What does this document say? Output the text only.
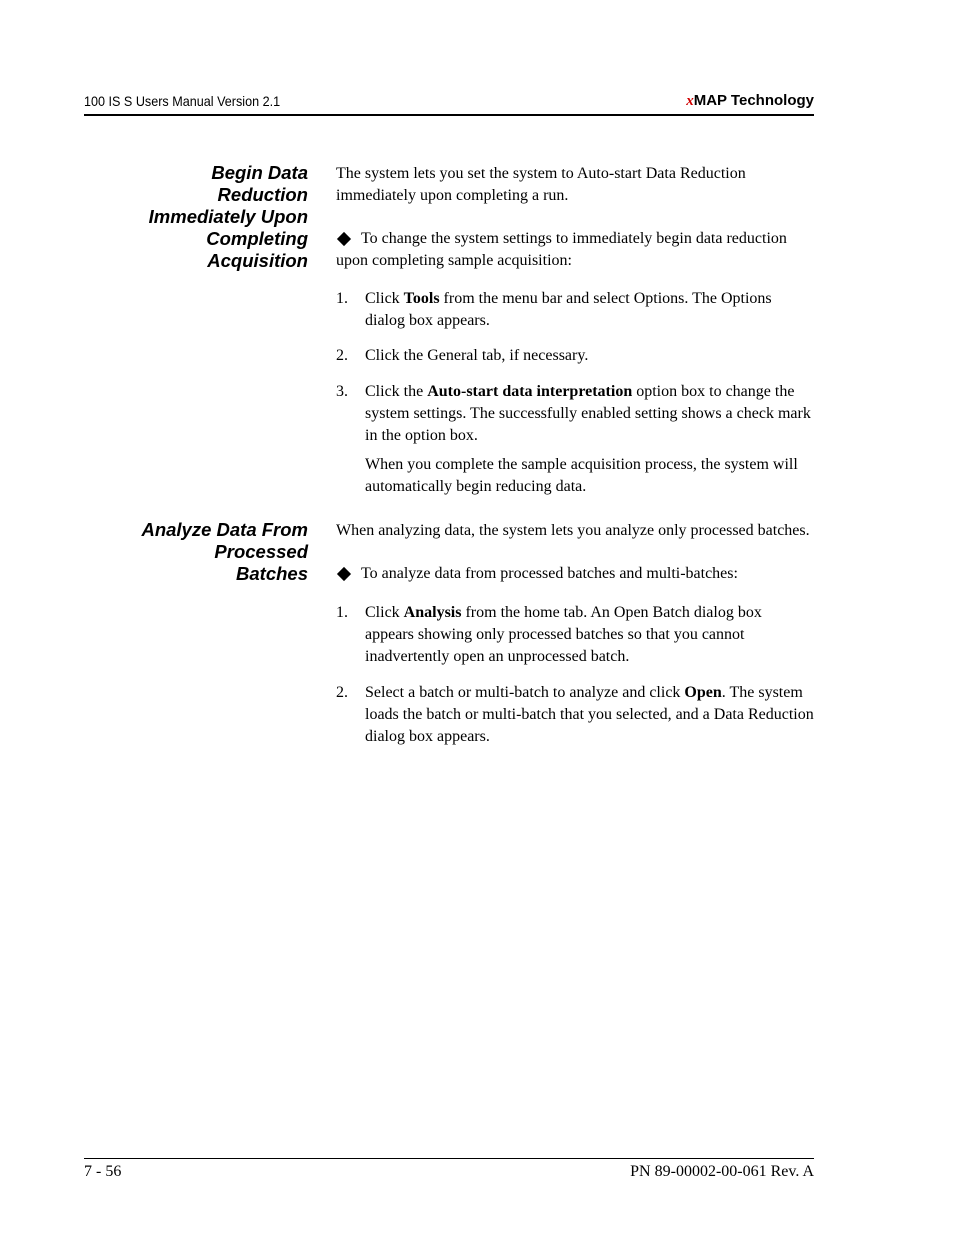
100 IS S Users Manual Version 2.1	xMAP Technology
Begin Data
Reduction
Immediately Upon
Completing
Acquisition

The system lets you set the system to Auto-start Data Reduction immediately upon completing a run.

To change the system settings to immediately begin data reduction upon completing sample acquisition:

1. Click Tools from the menu bar and select Options. The Options dialog box appears.

2. Click the General tab, if necessary.

3. Click the Auto-start data interpretation option box to change the system settings. The successfully enabled setting shows a check mark in the option box.

When you complete the sample acquisition process, the system will automatically begin reducing data.

Analyze Data From
Processed
Batches

When analyzing data, the system lets you analyze only processed batches.

To analyze data from processed batches and multi-batches:

1. Click Analysis from the home tab. An Open Batch dialog box appears showing only processed batches so that you cannot inadvertently open an unprocessed batch.

2. Select a batch or multi-batch to analyze and click Open. The system loads the batch or multi-batch that you selected, and a Data Reduction dialog box appears.

7 - 56	PN 89-00002-00-061 Rev. A
